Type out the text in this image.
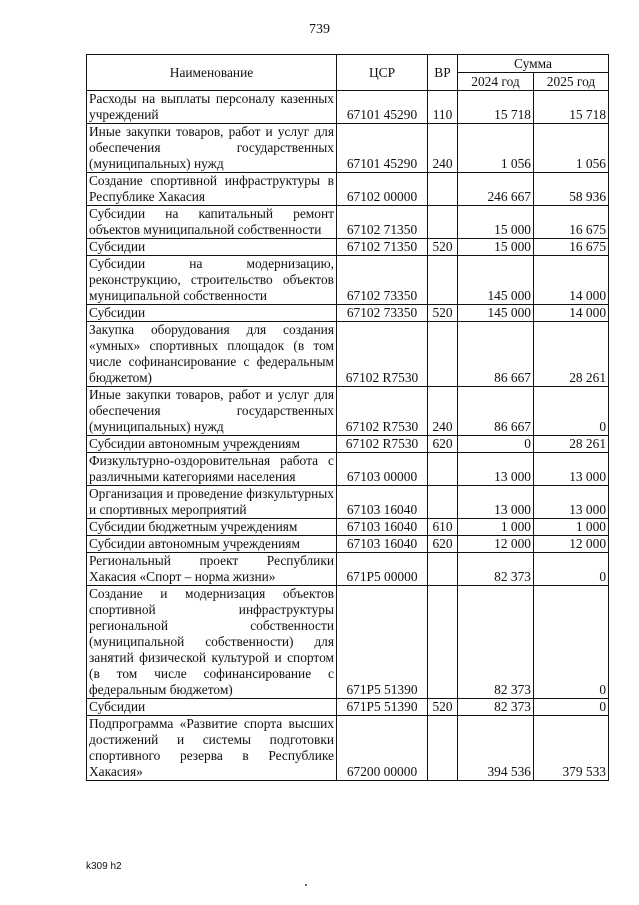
739
Наименование	ЦСР	ВР	Сумма	
			2024 год	2025 год
Расходы на выплаты персоналу казенных учреждений	67101 45290	110	15 718	15 718
Иные закупки товаров, работ и услуг для обеспечения государственных (муниципальных) нужд	67101 45290	240	1 056	1 056
Создание спортивной инфраструктуры в Республике Хакасия	67102 00000		246 667	58 936
Субсидии на капитальный ремонт объектов муниципальной собственности	67102 71350		15 000	16 675
Субсидии	67102 71350	520	15 000	16 675
Субсидии на модернизацию, реконструкцию, строительство объектов муниципальной собственности	67102 73350		145 000	14 000
Субсидии	67102 73350	520	145 000	14 000
Закупка оборудования для создания «умных» спортивных площадок (в том числе софинансирование с федеральным бюджетом)	67102 R7530		86 667	28 261
Иные закупки товаров, работ и услуг для обеспечения государственных (муниципальных) нужд	67102 R7530	240	86 667	0
Субсидии автономным учреждениям	67102 R7530	620	0	28 261
Физкультурно-оздоровительная работа с различными категориями населения	67103 00000		13 000	13 000
Организация и проведение физкультурных и спортивных мероприятий	67103 16040		13 000	13 000
Субсидии бюджетным учреждениям	67103 16040	610	1 000	1 000
Субсидии автономным учреждениям	67103 16040	620	12 000	12 000
Региональный проект Республики Хакасия «Спорт – норма жизни»	671P5 00000		82 373	0
Создание и модернизация объектов спортивной инфраструктуры региональной собственности (муниципальной собственности) для занятий физической культурой и спортом (в том числе софинансирование с федеральным бюджетом)	671P5 51390		82 373	0
Субсидии	671P5 51390	520	82 373	0
Подпрограмма «Развитие спорта высших достижений и системы подготовки спортивного резерва в Республике Хакасия»	67200 00000		394 536	379 533
k309 h2
